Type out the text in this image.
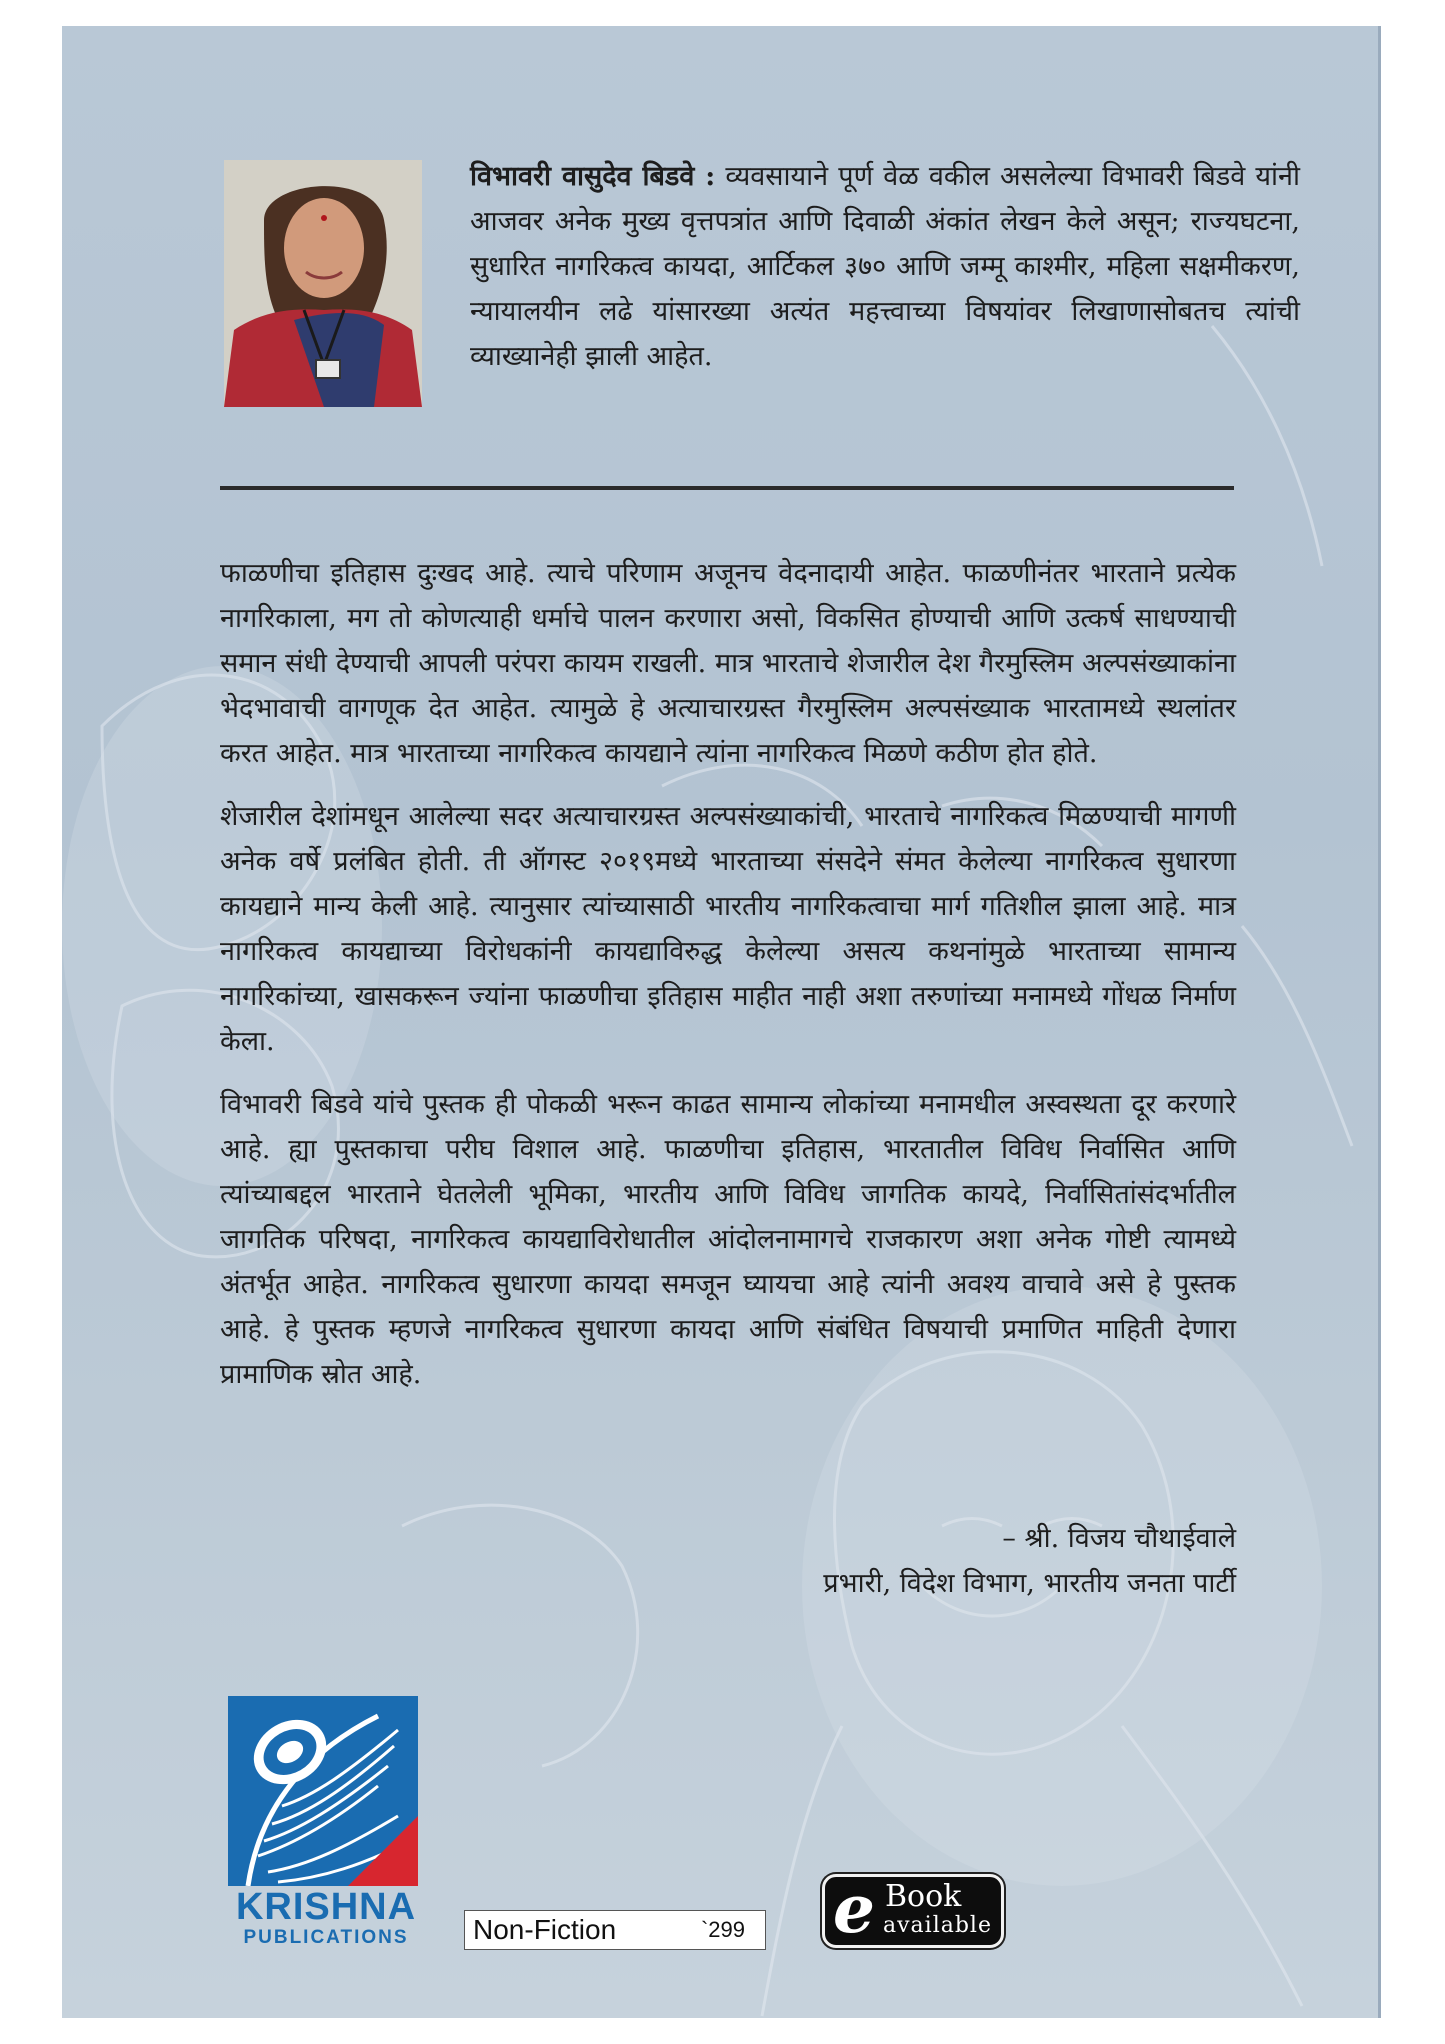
विभावरी वासुदेव बिडवे : व्यवसायाने पूर्ण वेळ वकील असलेल्या विभावरी बिडवे यांनी आजवर अनेक मुख्य वृत्तपत्रांत आणि दिवाळी अंकांत लेखन केले असून; राज्यघटना, सुधारित नागरिकत्व कायदा, आर्टिकल ३७० आणि जम्मू काश्मीर, महिला सक्षमीकरण, न्यायालयीन लढे यांसारख्या अत्यंत महत्त्वाच्या विषयांवर लिखाणासोबतच त्यांची व्याख्यानेही झाली आहेत.

फाळणीचा इतिहास दुःखद आहे. त्याचे परिणाम अजूनच वेदनादायी आहेत. फाळणीनंतर भारताने प्रत्येक नागरिकाला, मग तो कोणत्याही धर्माचे पालन करणारा असो, विकसित होण्याची आणि उत्कर्ष साधण्याची समान संधी देण्याची आपली परंपरा कायम राखली. मात्र भारताचे शेजारील देश गैरमुस्लिम अल्पसंख्याकांना भेदभावाची वागणूक देत आहेत. त्यामुळे हे अत्याचारग्रस्त गैरमुस्लिम अल्पसंख्याक भारतामध्ये स्थलांतर करत आहेत. मात्र भारताच्या नागरिकत्व कायद्याने त्यांना नागरिकत्व मिळणे कठीण होत होते.

शेजारील देशांमधून आलेल्या सदर अत्याचारग्रस्त अल्पसंख्याकांची, भारताचे नागरिकत्व मिळण्याची मागणी अनेक वर्षे प्रलंबित होती. ती ऑगस्ट २०१९मध्ये भारताच्या संसदेने संमत केलेल्या नागरिकत्व सुधारणा कायद्याने मान्य केली आहे. त्यानुसार त्यांच्यासाठी भारतीय नागरिकत्वाचा मार्ग गतिशील झाला आहे. मात्र नागरिकत्व कायद्याच्या विरोधकांनी कायद्याविरुद्ध केलेल्या असत्य कथनांमुळे भारताच्या सामान्य नागरिकांच्या, खासकरून ज्यांना फाळणीचा इतिहास माहीत नाही अशा तरुणांच्या मनामध्ये गोंधळ निर्माण केला.

विभावरी बिडवे यांचे पुस्तक ही पोकळी भरून काढत सामान्य लोकांच्या मनामधील अस्वस्थता दूर करणारे आहे. ह्या पुस्तकाचा परीघ विशाल आहे. फाळणीचा इतिहास, भारतातील विविध निर्वासित आणि त्यांच्याबद्दल भारताने घेतलेली भूमिका, भारतीय आणि विविध जागतिक कायदे, निर्वासितांसंदर्भातील जागतिक परिषदा, नागरिकत्व कायद्याविरोधातील आंदोलनामागचे राजकारण अशा अनेक गोष्टी त्यामध्ये अंतर्भूत आहेत. नागरिकत्व सुधारणा कायदा समजून घ्यायचा आहे त्यांनी अवश्य वाचावे असे हे पुस्तक आहे. हे पुस्तक म्हणजे नागरिकत्व सुधारणा कायदा आणि संबंधित विषयाची प्रमाणित माहिती देणारा प्रामाणिक स्रोत आहे.

– श्री. विजय चौथाईवाले
प्रभारी, विदेश विभाग, भारतीय जनता पार्टी
KRISHNA
PUBLICATIONS	Non-Fiction	`299 e Book
available
